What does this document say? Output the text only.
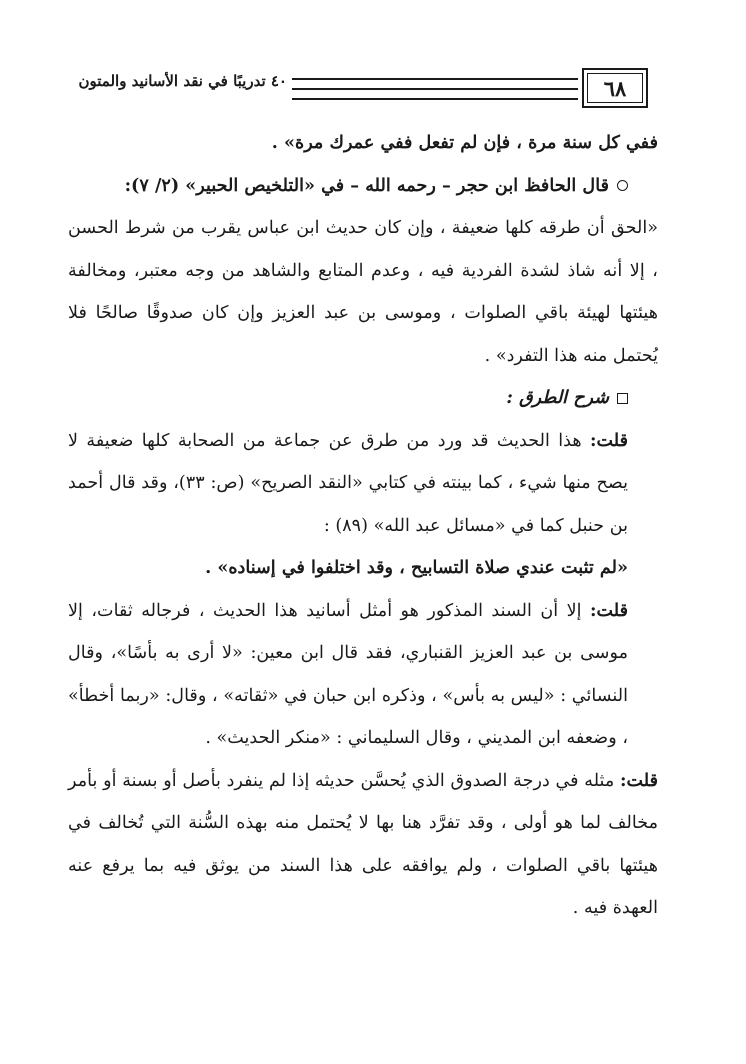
٦٨
٤٠ تدريبًا في نقد الأسانيد والمتون

ففي كل سنة مرة ، فإن لم تفعل ففي عمرك مرة» .

قال الحافظ ابن حجر – رحمه الله – في «التلخيص الحبير» (٢/ ٧):

«الحق أن طرقه كلها ضعيفة ، وإن كان حديث ابن عباس يقرب من شرط الحسن ، إلا أنه شاذ لشدة الفردية فيه ، وعدم المتابع والشاهد من وجه معتبر، ومخالفة هيئتها لهيئة باقي الصلوات ، وموسى بن عبد العزيز وإن كان صدوقًا صالحًا فلا يُحتمل منه هذا التفرد» .

شرح الطرق :

قلت: هذا الحديث قد ورد من طرق عن جماعة من الصحابة كلها ضعيفة لا يصح منها شيء ، كما بينته في كتابي «النقد الصريح» (ص: ٣٣)، وقد قال أحمد بن حنبل كما في «مسائل عبد الله» (٨٩) :

«لم تثبت عندي صلاة التسابيح ، وقد اختلفوا في إسناده» .

قلت: إلا أن السند المذكور هو أمثل أسانيد هذا الحديث ، فرجاله ثقات، إلا موسى بن عبد العزيز القنباري، فقد قال ابن معين: «لا أرى به بأسًا»، وقال النسائي : «ليس به بأس» ، وذكره ابن حبان في «ثقاته» ، وقال: «ربما أخطأ» ، وضعفه ابن المديني ، وقال السليماني : «منكر الحديث» .

قلت: مثله في درجة الصدوق الذي يُحسَّن حديثه إذا لم ينفرد بأصل أو بسنة أو بأمر مخالف لما هو أولى ، وقد تفرَّد هنا بها لا يُحتمل منه بهذه السُّنة التي تُخالف في هيئتها باقي الصلوات ، ولم يوافقه على هذا السند من يوثق فيه بما يرفع عنه العهدة فيه .
